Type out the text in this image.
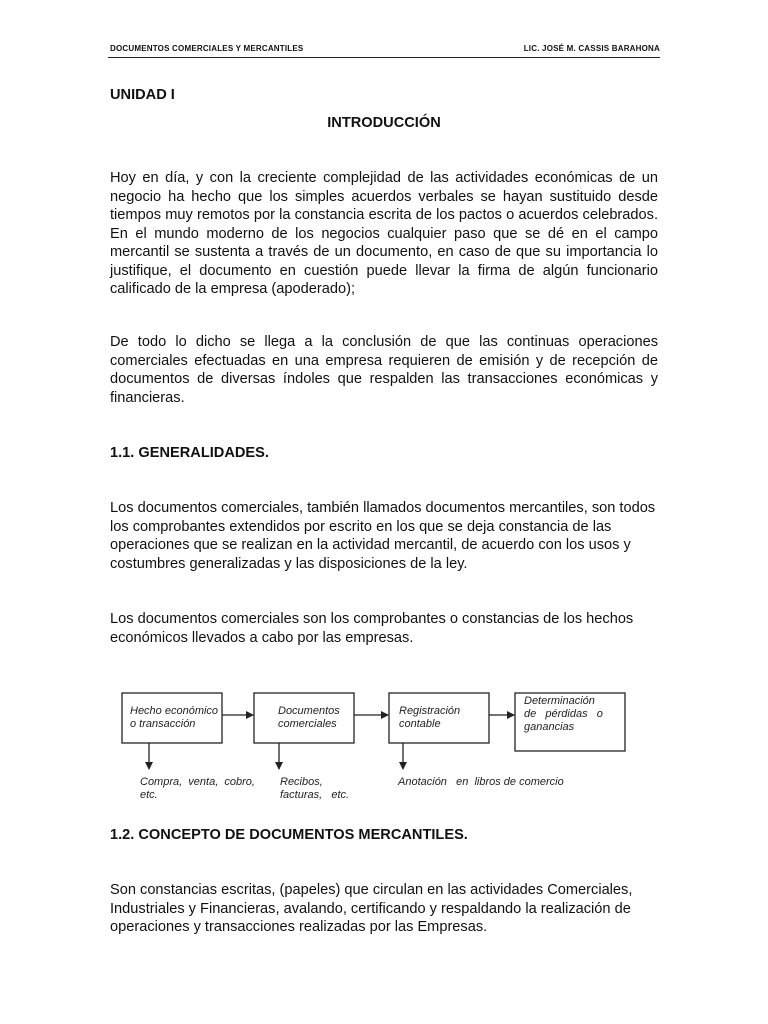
DOCUMENTOS COMERCIALES Y MERCANTILES	LIC. JOSÉ M. CASSIS BARAHONA
UNIDAD I
INTRODUCCIÓN
Hoy en día, y con la creciente complejidad de las actividades económicas de un negocio ha hecho que los simples acuerdos verbales se hayan sustituido desde tiempos muy remotos por la constancia escrita de los pactos o acuerdos celebrados. En el mundo moderno de los negocios cualquier paso que se dé en el campo mercantil se sustenta a través de un documento, en caso de que su importancia lo justifique, el documento en cuestión puede llevar la firma de algún funcionario calificado de la empresa (apoderado);
De todo lo dicho se llega a la conclusión de que las continuas operaciones comerciales efectuadas en una empresa requieren de emisión y de recepción de documentos de diversas índoles que respalden las transacciones económicas y financieras.
1.1. GENERALIDADES.
Los documentos comerciales, también llamados documentos mercantiles, son todos los comprobantes extendidos por escrito en los que se deja constancia de las operaciones que se realizan en la actividad mercantil, de acuerdo con los usos y costumbres generalizadas y las disposiciones de la ley.
Los documentos comerciales son los comprobantes o constancias de los hechos económicos llevados a cabo por las empresas.
Hecho económico
o transacción
Documentos
comerciales
Registración
contable
Determinación
de   pérdidas   o
ganancias
Compra,  venta,  cobro,
etc.
Recibos,
facturas,   etc.
Anotación   en  libros de comercio
1.2. CONCEPTO DE DOCUMENTOS MERCANTILES.
Son constancias escritas, (papeles) que circulan en las actividades Comerciales, Industriales y Financieras, avalando, certificando y respaldando la realización de operaciones y transacciones realizadas por las Empresas.
